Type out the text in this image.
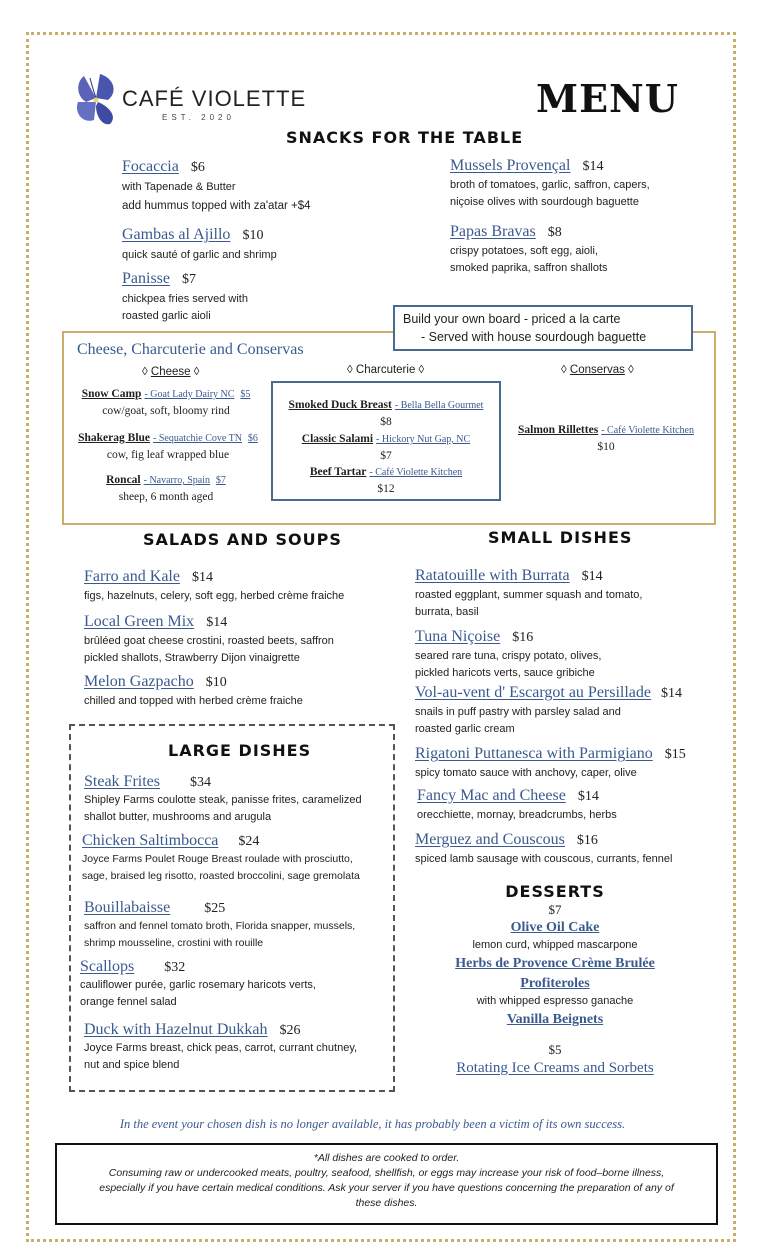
CAFÉ VIOLETTE
EST. 2020	MENU
SNACKS FOR THE TABLE
Focaccia $6
with Tapenade & Butter
add hummus topped with za'atar +$4
Gambas al Ajillo $10
quick sauté of garlic and shrimp
Panisse $7
chickpea fries served with
roasted garlic aioli
Mussels Provençal $14
broth of tomatoes, garlic, saffron, capers,
niçoise olives with sourdough baguette
Papas Bravas $8
crispy potatoes, soft egg, aioli,
smoked paprika, saffron shallots
Build your own board - priced a la carte
- Served with house sourdough baguette
Cheese, Charcuterie and Conservas
◊ Cheese ◊	◊ Charcuterie ◊	◊ Conservas ◊
Snow Camp - Goat Lady Dairy NC $5
cow/goat, soft, bloomy rind
Shakerag Blue - Sequatchie Cove TN $6
cow, fig leaf wrapped blue
Roncal - Navarro, Spain $7
sheep, 6 month aged
Smoked Duck Breast - Bella Bella Gourmet
$8
Classic Salami - Hickory Nut Gap, NC
$7
Beef Tartar - Café Violette Kitchen
$12
Salmon Rillettes - Café Violette Kitchen
$10
SALADS AND SOUPS
Farro and Kale $14
figs, hazelnuts, celery, soft egg, herbed crème fraiche
Local Green Mix $14
brûléed goat cheese crostini, roasted beets, saffron
pickled shallots, Strawberry Dijon vinaigrette
Melon Gazpacho $10
chilled and topped with herbed crème fraiche
LARGE DISHES
Steak Frites $34
Shipley Farms coulotte steak, panisse frites, caramelized
shallot butter, mushrooms and arugula
Chicken Saltimbocca $24
Joyce Farms Poulet Rouge Breast roulade with prosciutto,
sage, braised leg risotto, roasted broccolini, sage gremolata
Bouillabaisse $25
saffron and fennel tomato broth, Florida snapper, mussels,
shrimp mousseline, crostini with rouille
Scallops $32
cauliflower purée, garlic rosemary haricots verts,
orange fennel salad
Duck with Hazelnut Dukkah $26
Joyce Farms breast, chick peas, carrot, currant chutney,
nut and spice blend
SMALL DISHES
Ratatouille with Burrata $14
roasted eggplant, summer squash and tomato,
burrata, basil
Tuna Niçoise $16
seared rare tuna, crispy potato, olives,
pickled haricots verts, sauce gribiche
Vol-au-vent d' Escargot au Persillade $14
snails in puff pastry with parsley salad and
roasted garlic cream
Rigatoni Puttanesca with Parmigiano $15
spicy tomato sauce with anchovy, caper, olive
Fancy Mac and Cheese $14
orecchiette, mornay, breadcrumbs, herbs
Merguez and Couscous $16
spiced lamb sausage with couscous, currants, fennel
DESSERTS
$7
Olive Oil Cake
lemon curd, whipped mascarpone
Herbs de Provence Crème Brulée
Profiteroles
with whipped espresso ganache
Vanilla Beignets
$5
Rotating Ice Creams and Sorbets
In the event your chosen dish is no longer available, it has probably been a victim of its own success.
*All dishes are cooked to order.
Consuming raw or undercooked meats, poultry, seafood, shellfish, or eggs may increase your risk of food–borne illness,
especially if you have certain medical conditions. Ask your server if you have questions concerning the preparation of any of
these dishes.
